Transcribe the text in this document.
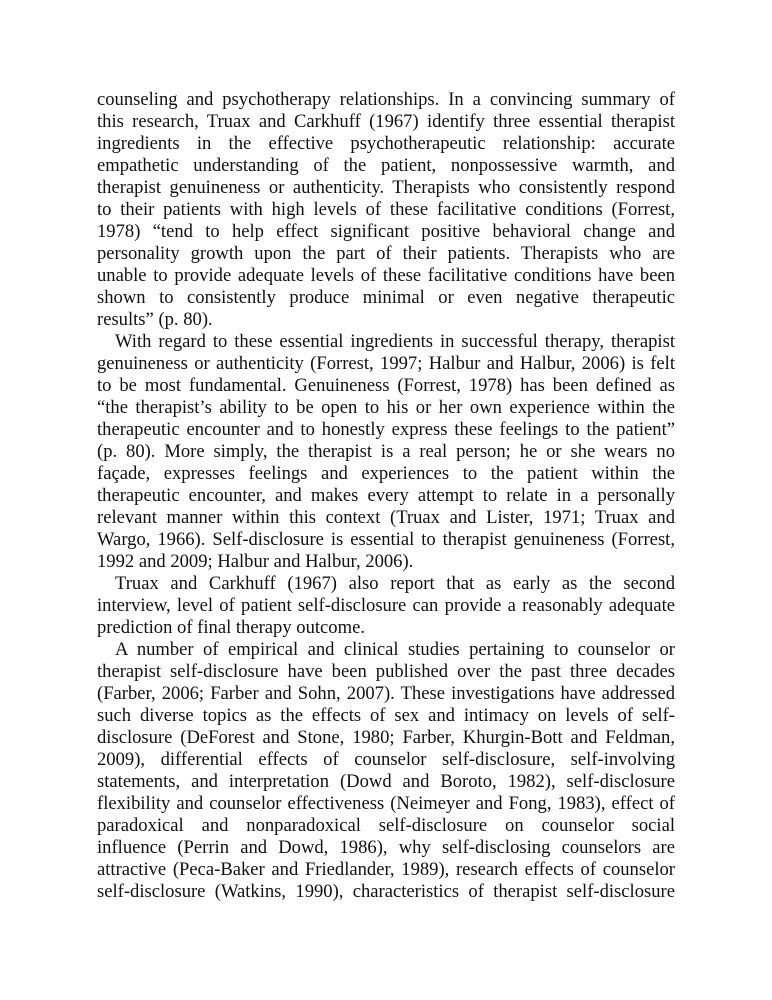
counseling and psychotherapy relationships. In a convincing summary of
this research, Truax and Carkhuff (1967) identify three essential therapist
ingredients in the effective psychotherapeutic relationship: accurate
empathetic understanding of the patient, nonpossessive warmth, and
therapist genuineness or authenticity. Therapists who consistently respond
to their patients with high levels of these facilitative conditions (Forrest,
1978) “tend to help effect significant positive behavioral change and
personality growth upon the part of their patients. Therapists who are
unable to provide adequate levels of these facilitative conditions have been
shown to consistently produce minimal or even negative therapeutic
results” (p. 80).
With regard to these essential ingredients in successful therapy, therapist
genuineness or authenticity (Forrest, 1997; Halbur and Halbur, 2006) is felt
to be most fundamental. Genuineness (Forrest, 1978) has been defined as
“the therapist’s ability to be open to his or her own experience within the
therapeutic encounter and to honestly express these feelings to the patient”
(p. 80). More simply, the therapist is a real person; he or she wears no
façade, expresses feelings and experiences to the patient within the
therapeutic encounter, and makes every attempt to relate in a personally
relevant manner within this context (Truax and Lister, 1971; Truax and
Wargo, 1966). Self-disclosure is essential to therapist genuineness (Forrest,
1992 and 2009; Halbur and Halbur, 2006).
Truax and Carkhuff (1967) also report that as early as the second
interview, level of patient self-disclosure can provide a reasonably adequate
prediction of final therapy outcome.
A number of empirical and clinical studies pertaining to counselor or
therapist self-disclosure have been published over the past three decades
(Farber, 2006; Farber and Sohn, 2007). These investigations have addressed
such diverse topics as the effects of sex and intimacy on levels of self-
disclosure (DeForest and Stone, 1980; Farber, Khurgin-Bott and Feldman,
2009), differential effects of counselor self-disclosure, self-involving
statements, and interpretation (Dowd and Boroto, 1982), self-disclosure
flexibility and counselor effectiveness (Neimeyer and Fong, 1983), effect of
paradoxical and nonparadoxical self-disclosure on counselor social
influence (Perrin and Dowd, 1986), why self-disclosing counselors are
attractive (Peca-Baker and Friedlander, 1989), research effects of counselor
self-disclosure (Watkins, 1990), characteristics of therapist self-disclosure
